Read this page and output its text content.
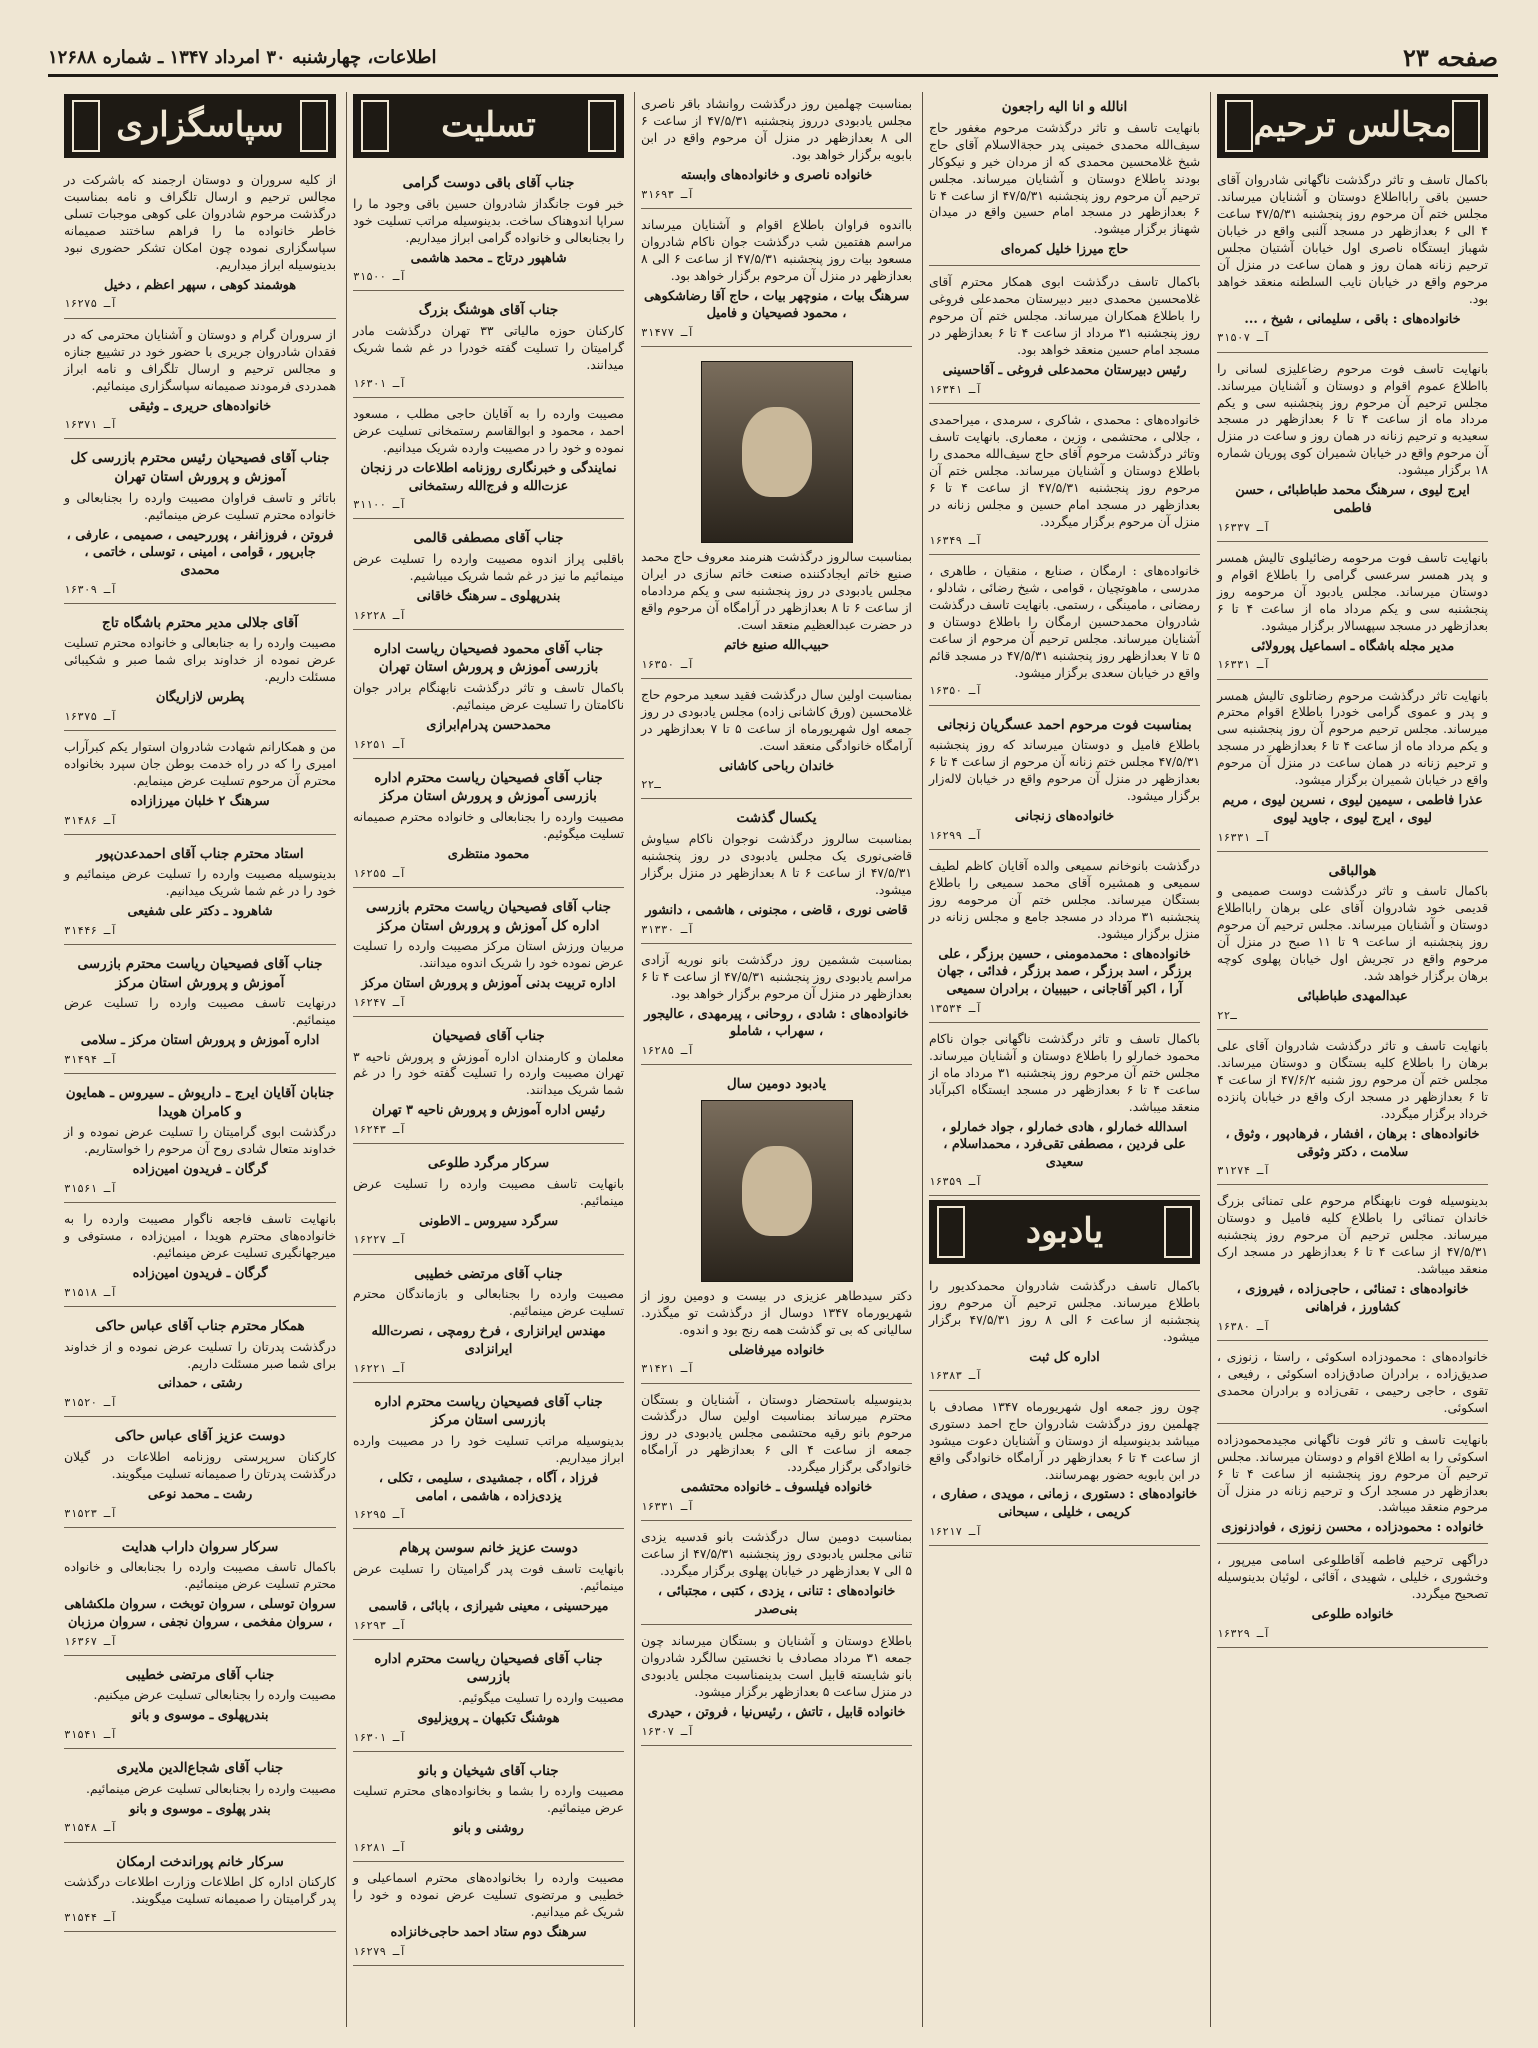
صفحه ۲۳
اطلاعات، چهارشنبه ۳۰ امرداد ۱۳۴۷ ـ شماره ۱۲۶۸۸
مجالس ترحیم

باکمال تاسف و تاثر درگذشت ناگهانی شادروان آقای حسین باقی رابااطلاع دوستان و آشنایان میرساند. مجلس ختم آن مرحوم روز پنجشنبه ۴۷/۵/۳۱ ساعت ۴ الی ۶ بعدازظهر در مسجد آلنبی واقع در خیابان شهباز ایستگاه ناصری اول خیابان آشتیان مجلس ترحیم زنانه همان روز و همان ساعت در منزل آن مرحوم واقع در خیابان نایب السلطنه منعقد خواهد بود.

خانواده‌های : باقی ، سلیمانی ، شیخ ، ...
۳۱۵۰۷ آـ

بانهایت تاسف فوت مرحوم رضاعلیزی لسانی را بااطلاع عموم اقوام و دوستان و آشنایان میرساند. مجلس ترحیم آن مرحوم روز پنجشنبه سی و یکم مرداد ماه از ساعت ۴ تا ۶ بعدازظهر در مسجد سعیدیه و ترحیم زنانه در همان روز و ساعت در منزل آن مرحوم واقع در خیابان شمیران کوی پوریان شماره ۱۸ برگزار میشود.

ایرج لیوی ، سرهنگ محمد طباطبائی ، حسن فاطمی
۱۶۳۳۷ آـ

بانهایت تاسف فوت مرحومه رضائیلوی تالیش همسر و پدر همسر سرعسی گرامی را باطلاع اقوام و دوستان میرساند. مجلس یادبود آن مرحومه روز پنجشنبه سی و یکم مرداد ماه از ساعت ۴ تا ۶ بعدازظهر در مسجد سپهسالار برگزار میشود.

مدیر مجله باشگاه ـ اسماعیل پورولائی
۱۶۳۳۱ آـ

بانهایت تاثر درگذشت مرحوم رضاتلوی تالیش همسر و پدر و عموی گرامی خودرا باطلاع اقوام محترم میرساند. مجلس ترحیم مرحوم آن روز پنجشنبه سی و یکم مرداد ماه از ساعت ۴ تا ۶ بعدازظهر در مسجد و ترحیم زنانه در همان ساعت در منزل آن مرحوم واقع در خیابان شمیران برگزار میشود.

عذرا فاطمی ، سیمین لیوی ، نسرین لیوی ، مریم لیوی ، ایرج لیوی ، جاوید لیوی
۱۶۳۳۱ آـ
هوالباقی

باکمال تاسف و تاثر درگذشت دوست صمیمی و قدیمی خود شادروان آقای علی برهان رابااطلاع دوستان و آشنایان میرساند. مجلس ترحیم آن مرحوم روز پنجشنبه از ساعت ۹ تا ۱۱ صبح در منزل آن مرحوم واقع در تجریش اول خیابان پهلوی کوچه برهان برگزار خواهد شد.

عبدالمهدی طباطبائی
۲ـ۲

بانهایت تاسف و تاثر درگذشت شادروان آقای علی برهان را باطلاع کلیه بستگان و دوستان میرساند. مجلس ختم آن مرحوم روز شنبه ۴۷/۶/۲ از ساعت ۴ تا ۶ بعدازظهر در مسجد ارک واقع در خیابان پانزده خرداد برگزار میگردد.

خانواده‌های : برهان ، افشار ، فرهادپور ، وثوق ، سلامت ، دکتر وثوقی
۳۱۲۷۴ آـ

بدینوسیله فوت نابهنگام مرحوم علی تمنائی بزرگ خاندان تمنائی را باطلاع کلیه فامیل و دوستان میرساند. مجلس ترحیم آن مرحوم روز پنجشنبه ۴۷/۵/۳۱ از ساعت ۴ تا ۶ بعدازظهر در مسجد ارک منعقد میباشد.

خانواده‌های : تمنائی ، حاجی‌زاده ، فیروزی ، کشاورز ، فراهانی
۱۶۳۸۰ آـ

خانواده‌های : محمودزاده اسکوئی ، راستا ، زنوزی ، صدیق‌زاده ، برادران صادق‌زاده اسکوئی ، رفیعی ، تقوی ، حاجی رحیمی ، تقی‌زاده و برادران محمدی اسکوئی.

بانهایت تاسف و تاثر فوت ناگهانی مجیدمحمودزاده اسکوئی را به اطلاع اقوام و دوستان میرساند. مجلس ترحیم آن مرحوم روز پنجشنبه از ساعت ۴ تا ۶ بعدازظهر در مسجد ارک و ترحیم زنانه در منزل آن مرحوم منعقد میباشد.

خانواده : محمودزاده ، محسن زنوزی ، فوادزنوزی

دراگهی ترحیم فاطمه آقاطلوعی اسامی میرپور ، وخشوری ، خلیلی ، شهیدی ، آقائی ، لوئیان بدینوسیله تصحیح میگردد.

خانواده طلوعی
۱۶۳۲۹ آـ
انالله و انا الیه راجعون

بانهایت تاسف و تاثر درگذشت مرحوم مغفور حاج سیف‌الله محمدی خمینی پدر حجةالاسلام آقای حاج شیخ غلامحسین محمدی که از مردان خیر و نیکوکار بودند باطلاع دوستان و آشنایان میرساند. مجلس ترحیم آن مرحوم روز پنجشنبه ۴۷/۵/۳۱ از ساعت ۴ تا ۶ بعدازظهر در مسجد امام حسین واقع در میدان شهناز برگزار میشود.

حاج میرزا خلیل کمره‌ای

باکمال تاسف درگذشت ابوی همکار محترم آقای غلامحسین محمدی دبیر دبیرستان محمدعلی فروغی را باطلاع همکاران میرساند. مجلس ختم آن مرحوم روز پنجشنبه ۳۱ مرداد از ساعت ۴ تا ۶ بعدازظهر در مسجد امام حسین منعقد خواهد بود.

رئیس دبیرستان محمدعلی فروغی ـ آقاحسینی
۱۶۳۴۱ آـ

خانواده‌های : محمدی ، شاکری ، سرمدی ، میراحمدی ، جلالی ، محتشمی ، وزین ، معماری. بانهایت تاسف وتاثر درگذشت مرحوم آقای حاج سیف‌الله محمدی را باطلاع دوستان و آشنایان میرساند. مجلس ختم آن مرحوم روز پنجشنبه ۴۷/۵/۳۱ از ساعت ۴ تا ۶ بعدازظهر در مسجد امام حسین و مجلس زنانه در منزل آن مرحوم برگزار میگردد.

۱۶۳۴۹ آـ

خانواده‌های : ارمگان ، صنایع ، منقیان ، طاهری ، مدرسی ، ماهوتچیان ، قوامی ، شیخ رضائی ، شادلو ، رمضانی ، مامینگی ، رستمی. بانهایت تاسف درگذشت شادروان محمدحسین ارمگان را باطلاع دوستان و آشنایان میرساند. مجلس ترحیم آن مرحوم از ساعت ۵ تا ۷ بعدازظهر روز پنجشنبه ۴۷/۵/۳۱ در مسجد قائم واقع در خیابان سعدی برگزار میشود.

۱۶۳۵۰ آـ
بمناسبت فوت مرحوم احمد عسگریان زنجانی

باطلاع فامیل و دوستان میرساند که روز پنجشنبه ۴۷/۵/۳۱ مجلس ختم زنانه آن مرحوم از ساعت ۴ تا ۶ بعدازظهر در منزل آن مرحوم واقع در خیابان لاله‌زار برگزار میشود.

خانواده‌های زنجانی
۱۶۲۹۹ آـ

درگذشت بانوخانم سمیعی والده آقایان کاظم لطیف سمیعی و همشیره آقای محمد سمیعی را باطلاع بستگان میرساند. مجلس ختم آن مرحومه روز پنجشنبه ۳۱ مرداد در مسجد جامع و مجلس زنانه در منزل برگزار میشود.

خانواده‌های : محمدمومنی ، حسین برزگر ، علی برزگر ، اسد برزگر ، صمد برزگر ، فدائی ، جهان‌ آرا ، اکبر آقاجانی ، حبیبیان ، برادران سمیعی
۱۳۵۳۴ آـ

باکمال تاسف و تاثر درگذشت ناگهانی جوان ناکام محمود خمارلو را باطلاع دوستان و آشنایان میرساند. مجلس ختم آن مرحوم روز پنجشنبه ۳۱ مرداد ماه از ساعت ۴ تا ۶ بعدازظهر در مسجد ایستگاه اکبرآباد منعقد میباشد.

اسدالله خمارلو ، هادی خمارلو ، جواد خمارلو ، علی فردین ، مصطفی تقی‌فرد ، محمداسلام ، سعیدی
۱۶۳۵۹ آـ
یادبود

باکمال تاسف درگذشت شادروان محمدکدیور را باطلاع میرساند. مجلس ترحیم آن مرحوم روز پنجشنبه از ساعت ۶ الی ۸ روز ۴۷/۵/۳۱ برگزار میشود.

اداره کل ثبت
۱۶۳۸۳ آـ

چون روز جمعه اول شهریورماه ۱۳۴۷ مصادف با چهلمین روز درگذشت شادروان حاج احمد دستوری میباشد بدینوسیله از دوستان و آشنایان دعوت میشود از ساعت ۴ تا ۶ بعدازظهر در آرامگاه خانوادگی واقع در ابن بابویه حضور بهمرسانند.

خانواده‌های : دستوری ، زمانی ، مویدی ، صفاری ، کریمی ، خلیلی ، سبحانی
۱۶۲۱۷ آـ

بمناسبت چهلمین روز درگذشت روانشاد باقر ناصری مجلس یادبودی درروز پنجشنبه ۴۷/۵/۳۱ از ساعت ۶ الی ۸ بعدازظهر در منزل آن مرحوم واقع در ابن بابویه برگزار خواهد بود.

خانواده ناصری و خانواده‌های وابسته
۳۱۶۹۳ آـ

بااندوه فراوان باطلاع اقوام و آشنایان میرساند مراسم هفتمین شب درگذشت جوان ناکام شادروان مسعود بیات روز پنجشنبه ۴۷/۵/۳۱ از ساعت ۶ الی ۸ بعدازظهر در منزل آن مرحوم برگزار خواهد بود.

سرهنگ بیات ، منوچهر بیات ، حاج آقا رضاشکوهی ، محمود فصیحیان و فامیل
۳۱۴۷۷ آـ

بمناسبت سالروز درگذشت هنرمند معروف حاج محمد صنیع خاتم ایجادکننده صنعت خاتم سازی در ایران مجلس یادبودی در روز پنجشنبه سی و یکم مردادماه از ساعت ۶ تا ۸ بعدازظهر در آرامگاه آن مرحوم واقع در حضرت عبدالعظیم منعقد است.

حبیب‌الله صنیع خاتم
۱۶۳۵۰ آـ

بمناسبت اولین سال درگذشت فقید سعید مرحوم حاج غلامحسین (ورق کاشانی زاده) مجلس یادبودی در روز جمعه اول شهریورماه از ساعت ۵ تا ۷ بعدازظهر در آرامگاه خانوادگی منعقد است.

خاندان رباحی کاشانی
۲ـ۲
یکسال گذشت

بمناسبت سالروز درگذشت نوجوان ناکام سیاوش قاضی‌نوری یک مجلس یادبودی در روز پنجشنبه ۴۷/۵/۳۱ از ساعت ۶ تا ۸ بعدازظهر در منزل برگزار میشود.

قاضی نوری ، قاضی ، مجنونی ، هاشمی ، دانشور
۳۱۳۳۰ آـ

بمناسبت ششمین روز درگذشت بانو نوریه آزادی مراسم یادبودی روز پنجشنبه ۴۷/۵/۳۱ از ساعت ۴ تا ۶ بعدازظهر در منزل آن مرحوم برگزار خواهد بود.

خانواده‌های : شادی ، روحانی ، پیرمهدی ، عالیجور ، سهراب ، شاملو
۱۶۲۸۵ آـ
یادبود دومین سال

دکتر سیدطاهر عزیزی در بیست و دومین روز از شهریورماه ۱۳۴۷ دوسال از درگذشت تو میگذرد. سالیانی که بی تو گذشت همه رنج بود و اندوه.

خانواده میرفاضلی
۳۱۴۲۱ آـ

بدینوسیله باستحضار دوستان ، آشنایان و بستگان محترم میرساند بمناسبت اولین سال درگذشت مرحوم بانو رقیه محتشمی مجلس یادبودی در روز جمعه از ساعت ۴ الی ۶ بعدازظهر در آرامگاه خانوادگی برگزار میگردد.

خانواده فیلسوف ـ خانواده محتشمی
۱۶۳۳۱ آـ

بمناسبت دومین سال درگذشت بانو قدسیه یزدی تنانی مجلس یادبودی روز پنجشنبه ۴۷/۵/۳۱ از ساعت ۵ الی ۷ بعدازظهر در خیابان پهلوی برگزار میگردد.

خانواده‌های : تنانی ، یزدی ، کتبی ، مجتبائی ، بنی‌صدر

باطلاع دوستان و آشنایان و بستگان میرساند چون جمعه ۳۱ مرداد مصادف با نخستین سالگرد شادروان بانو شایسته قابیل است بدینمناسبت مجلس یادبودی در منزل ساعت ۵ بعدازظهر برگزار میشود.

خانواده قابیل ، تاتش ، رئیس‌نیا ، فروتن ، حیدری
۱۶۳۰۷ آـ
تسلیت
جناب آقای باقی دوست گرامی

خبر فوت جانگداز شادروان حسین باقی وجود ما را سراپا اندوهناک ساخت. بدینوسیله مراتب تسلیت خود را بجنابعالی و خانواده گرامی ابراز میداریم.

شاهپور درتاج ـ محمد هاشمی
۳۱۵۰۰ آـ
جناب آقای هوشنگ بزرگ

کارکنان حوزه مالیاتی ۳۳ تهران درگذشت مادر گرامیتان را تسلیت گفته خودرا در غم شما شریک میدانند.

۱۶۳۰۱ آـ

مصیبت وارده را به آقایان حاجی مطلب ، مسعود احمد ، محمود و ابوالقاسم رستمخانی تسلیت عرض نموده و خود را در مصیبت وارده شریک میدانیم.

نمایندگی و خبرنگاری روزنامه اطلاعات در زنجان عزت‌الله و فرج‌الله رستمخانی
۳۱۱۰۰ آـ
جناب آقای مصطفی قالمی

باقلبی پراز اندوه مصیبت وارده را تسلیت عرض مینمائیم ما نیز در غم شما شریک میباشیم.

بندرپهلوی ـ سرهنگ خاقانی
۱۶۲۲۸ آـ
جناب آقای محمود فصیحیان ریاست اداره بازرسی آموزش و پرورش استان تهران

باکمال تاسف و تاثر درگذشت نابهنگام برادر جوان ناکامتان را تسلیت عرض مینمائیم.

محمدحسن پدرام‌ابرازی
۱۶۲۵۱ آـ
جناب آقای فصیحیان ریاست محترم اداره بازرسی آموزش و پرورش استان مرکز

مصیبت وارده را بجنابعالی و خانواده محترم صمیمانه تسلیت میگوئیم.

محمود منتظری
۱۶۲۵۵ آـ
جناب آقای فصیحیان ریاست محترم بازرسی اداره کل آموزش و پرورش استان مرکز

مربیان ورزش استان مرکز مصیبت وارده را تسلیت عرض نموده خود را شریک اندوه میدانند.

اداره تربیت بدنی آموزش و پرورش استان مرکز
۱۶۲۴۷ آـ
جناب آقای فصیحیان

معلمان و کارمندان اداره آموزش و پرورش ناحیه ۳ تهران مصیبت وارده را تسلیت گفته خود را در غم شما شریک میدانند.

رئیس اداره آموزش و پرورش ناحیه ۳ تهران
۱۶۲۴۳ آـ
سرکار مرگرد طلوعی

بانهایت تاسف مصیبت وارده را تسلیت عرض مینمائیم.

سرگرد سیروس ـ الاطونی
۱۶۲۲۷ آـ
جناب آقای مرتضی خطیبی

مصیبت وارده را بجنابعالی و بازماندگان محترم تسلیت عرض مینمائیم.

مهندس ایرانزاری ، فرخ رومچی ، نصرت‌الله ایرانزادی
۱۶۲۲۱ آـ
جناب آقای فصیحیان ریاست محترم اداره بازرسی استان مرکز

بدینوسیله مراتب تسلیت خود را در مصیبت وارده ابراز میداریم.

فرزاد ، آگاه ، جمشیدی ، سلیمی ، تکلی ، یزدی‌زاده ، هاشمی ، امامی
۱۶۲۹۵ آـ
دوست عزیز خانم سوسن پرهام

بانهایت تاسف فوت پدر گرامیتان را تسلیت عرض مینمائیم.

میرحسینی ، معینی شیرازی ، بابائی ، قاسمی
۱۶۲۹۳ آـ
جناب آقای فصیحیان ریاست محترم اداره بازرسی

مصیبت وارده را تسلیت میگوئیم.

هوشنگ تکبهان ـ پرویزلیوی
۱۶۳۰۱ آـ
جناب آقای شیخیان و بانو

مصیبت وارده را بشما و بخانواده‌های محترم تسلیت عرض مینمائیم.

روشنی و بانو
۱۶۲۸۱ آـ

مصیبت وارده را بخانواده‌های محترم اسماعیلی و خطیبی و مرتضوی تسلیت عرض نموده و خود را شریک غم میدانیم.

سرهنگ دوم ستاد احمد حاجی‌خانزاده
۱۶۲۷۹ آـ
سپاسگزاری

از کلیه سروران و دوستان ارجمند که باشرکت در مجالس ترحیم و ارسال تلگراف و نامه بمناسبت درگذشت مرحوم شادروان علی کوهی موجبات تسلی خاطر خانواده ما را فراهم ساختند صمیمانه سپاسگزاری نموده چون امکان تشکر حضوری نبود بدینوسیله ابراز میداریم.

هوشمند کوهی ، سپهر اعظم ، دخیل
۱۶۲۷۵ آـ

از سروران گرام و دوستان و آشنایان محترمی که در فقدان شادروان جریری با حضور خود در تشییع جنازه و مجالس ترحیم و ارسال تلگراف و نامه ابراز همدردی فرمودند صمیمانه سپاسگزاری مینمائیم.

خانواده‌های حریری ـ وثیقی
۱۶۳۷۱ آـ
جناب آقای فصیحیان رئیس محترم بازرسی کل آموزش و پرورش استان تهران

باتاثر و تاسف فراوان مصیبت وارده را بجنابعالی و خانواده محترم تسلیت عرض مینمائیم.

فروتن ، فروزانفر ، پوررحیمی ، صمیمی ، عارفی ، جابرپور ، قوامی ، امینی ، توسلی ، خاتمی ، محمدی
۱۶۳۰۹ آـ
آقای جلالی مدیر محترم باشگاه تاج

مصیبت وارده را به جنابعالی و خانواده محترم تسلیت عرض نموده از خداوند برای شما صبر و شکیبائی مسئلت داریم.

پطرس لازاریگان
۱۶۳۷۵ آـ

من و همکارانم شهادت شادروان استوار یکم کبرآراب امیری را که در راه خدمت بوطن جان سپرد بخانواده محترم آن مرحوم تسلیت عرض مینمایم.

سرهنگ ۲ خلبان میرزازاده
۳۱۴۸۶ آـ
استاد محترم جناب آقای احمدعدن‌پور

بدینوسیله مصیبت وارده را تسلیت عرض مینمائیم و خود را در غم شما شریک میدانیم.

شاهرود ـ دکتر علی شفیعی
۳۱۴۴۶ آـ
جناب آقای فصیحیان ریاست محترم بازرسی آموزش و پرورش استان مرکز

درنهایت تاسف مصیبت وارده را تسلیت عرض مینمائیم.

اداره آموزش و پرورش استان مرکز ـ سلامی
۳۱۴۹۴ آـ
جنابان آقایان ایرج ـ داریوش ـ سیروس ـ همایون و کامران هویدا

درگذشت ابوی گرامیتان را تسلیت عرض نموده و از خداوند متعال شادی روح آن مرحوم را خواستاریم.

گرگان ـ فریدون امین‌زاده
۳۱۵۶۱ آـ

بانهایت تاسف فاجعه ناگوار مصیبت وارده را به خانواده‌های محترم هویدا ، امین‌زاده ، مستوفی و میرجهانگیری تسلیت عرض مینمائیم.

گرگان ـ فریدون امین‌زاده
۳۱۵۱۸ آـ
همکار محترم جناب آقای عباس حاکی

درگذشت پدرتان را تسلیت عرض نموده و از خداوند برای شما صبر مسئلت داریم.

رشتی ، حمدانی
۳۱۵۲۰ آـ
دوست عزیز آقای عباس حاکی

کارکنان سرپرستی روزنامه اطلاعات در گیلان درگذشت پدرتان را صمیمانه تسلیت میگویند.

رشت ـ محمد نوعی
۳۱۵۲۳ آـ
سرکار سروان داراب هدایت

باکمال تاسف مصیبت وارده را بجنابعالی و خانواده محترم تسلیت عرض مینمائیم.

سروان توسلی ، سروان توبخت ، سروان ملکشاهی ، سروان مفخمی ، سروان نجفی ، سروان مرزبان
۱۶۳۶۷ آـ
جناب آقای مرتضی خطیبی

مصیبت وارده را بجنابعالی تسلیت عرض میکنیم.

بندرپهلوی ـ موسوی و بانو
۳۱۵۴۱ آـ
جناب آقای شجاع‌الدین ملایری

مصیبت وارده را بجنابعالی تسلیت عرض مینمائیم.

بندر پهلوی ـ موسوی و بانو
۳۱۵۴۸ آـ
سرکار خانم پوراندخت ارمکان

کارکنان اداره کل اطلاعات وزارت اطلاعات درگذشت پدر گرامیتان را صمیمانه تسلیت میگویند.

۳۱۵۴۴ آـ
